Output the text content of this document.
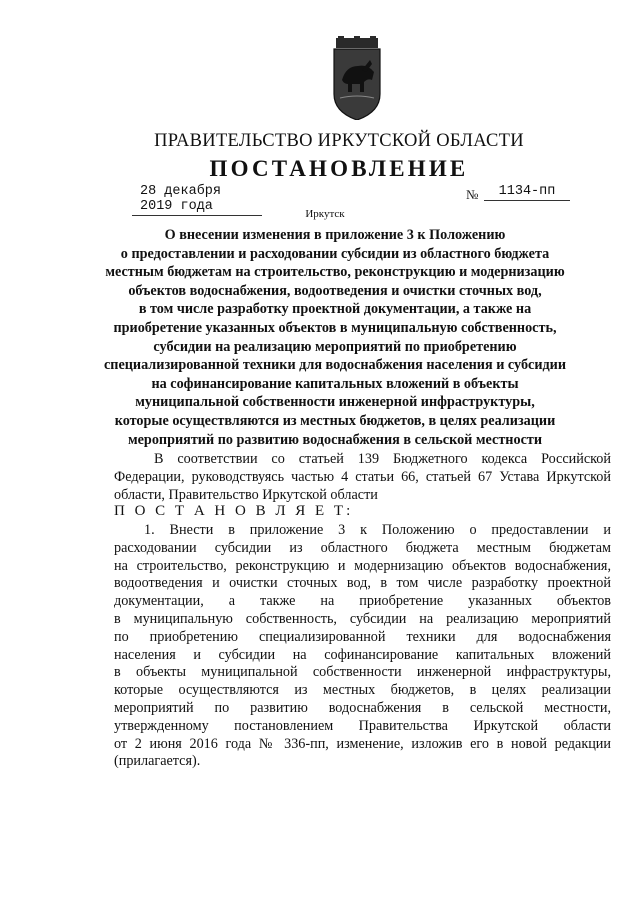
ПРАВИТЕЛЬСТВО ИРКУТСКОЙ ОБЛАСТИ
ПОСТАНОВЛЕНИЕ
28 декабря 2019 года
№	1134-пп
Иркутск
О внесении изменения в приложение 3 к Положению
о предоставлении и расходовании субсидии из областного бюджета
местным бюджетам на строительство, реконструкцию и модернизацию
объектов водоснабжения, водоотведения и очистки сточных вод,
в том числе разработку проектной документации, а также на
приобретение указанных объектов в муниципальную собственность,
субсидии на реализацию мероприятий по приобретению
специализированной техники для водоснабжения населения и субсидии
на софинансирование капитальных вложений в объекты
муниципальной собственности инженерной инфраструктуры,
которые осуществляются из местных бюджетов, в целях реализации
мероприятий по развитию водоснабжения в сельской местности
В соответствии со статьей 139 Бюджетного кодекса Российской
Федерации, руководствуясь частью 4 статьи 66, статьей 67 Устава Иркутской
области, Правительство Иркутской области
П О С Т А Н О В Л Я Е Т:
1. Внести в приложение 3 к Положению о предоставлении и
расходовании субсидии из областного бюджета местным бюджетам
на строительство, реконструкцию и модернизацию объектов водоснабжения,
водоотведения и очистки сточных вод, в том числе разработку проектной
документации, а также на приобретение указанных объектов
в муниципальную собственность, субсидии на реализацию мероприятий
по приобретению специализированной техники для водоснабжения
населения и субсидии на софинансирование капитальных вложений
в объекты муниципальной собственности инженерной инфраструктуры,
которые осуществляются из местных бюджетов, в целях реализации
мероприятий по развитию водоснабжения в сельской местности,
утвержденному постановлением Правительства Иркутской области
от 2 июня 2016 года № 336-пп, изменение, изложив его в новой редакции
(прилагается).
